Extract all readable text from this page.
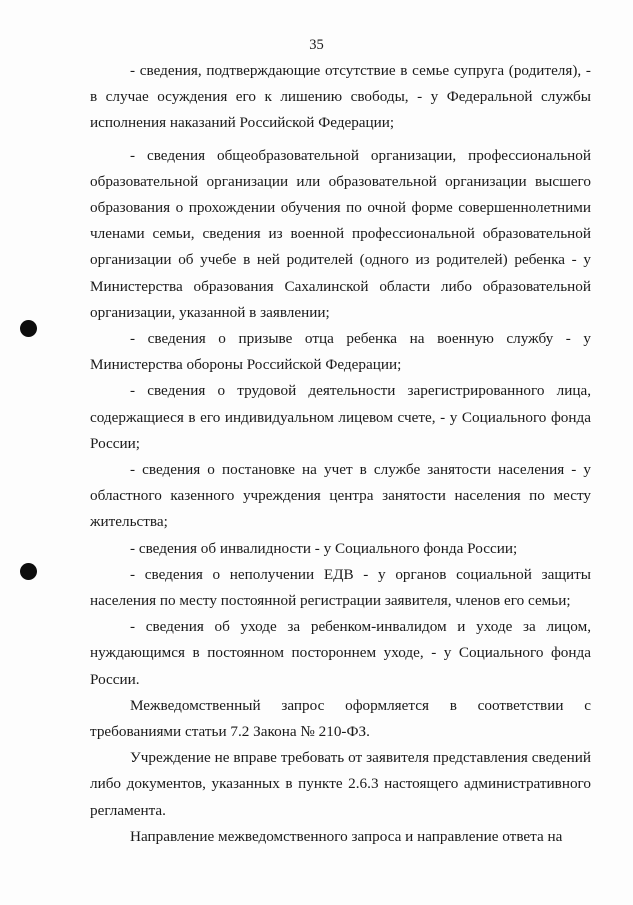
35

- сведения, подтверждающие отсутствие в семье супруга (родителя), - в случае осуждения его к лишению свободы, - у Федеральной службы исполнения наказаний Российской Федерации;

- сведения общеобразовательной организации, профессиональной образовательной организации или образовательной организации высшего образования о прохождении обучения по очной форме совершеннолетними членами семьи, сведения из военной профессиональной образовательной организации об учебе в ней родителей (одного из родителей) ребенка - у Министерства образования Сахалинской области либо образовательной организации, указанной в заявлении;

- сведения о призыве отца ребенка на военную службу - у Министерства обороны Российской Федерации;

- сведения о трудовой деятельности зарегистрированного лица, содержащиеся в его индивидуальном лицевом счете, - у Социального фонда России;

- сведения о постановке на учет в службе занятости населения - у областного казенного учреждения центра занятости населения по месту жительства;

- сведения об инвалидности - у Социального фонда России;

- сведения о неполучении ЕДВ - у органов социальной защиты населения по месту постоянной регистрации заявителя, членов его семьи;

- сведения об уходе за ребенком-инвалидом и уходе за лицом, нуждающимся в постоянном постороннем уходе, - у Социального фонда России.

Межведомственный запрос оформляется в соответствии с требованиями статьи 7.2 Закона № 210-ФЗ.

Учреждение не вправе требовать от заявителя представления сведений либо документов, указанных в пункте 2.6.3 настоящего административного регламента.

Направление межведомственного запроса и направление ответа на
